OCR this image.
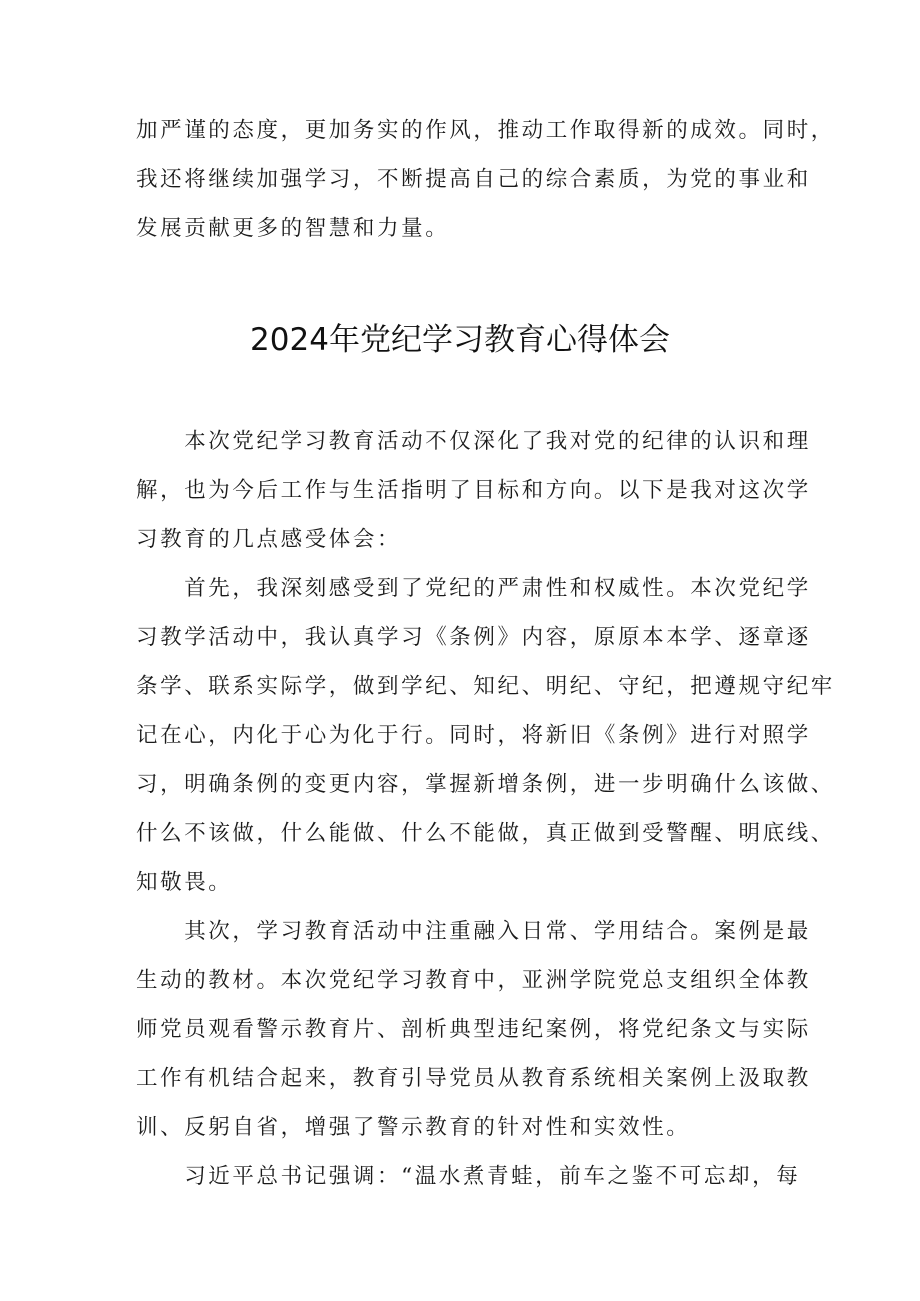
加严谨的态度，更加务实的作风，推动工作取得新的成效。同时，
我还将继续加强学习，不断提高自己的综合素质，为党的事业和
发展贡献更多的智慧和力量。
2024年党纪学习教育心得体会
　　本次党纪学习教育活动不仅深化了我对党的纪律的认识和理
解，也为今后工作与生活指明了目标和方向。以下是我对这次学
习教育的几点感受体会：
　　首先，我深刻感受到了党纪的严肃性和权威性。本次党纪学
习教学活动中，我认真学习《条例》内容，原原本本学、逐章逐
条学、联系实际学，做到学纪、知纪、明纪、守纪，把遵规守纪牢
记在心，内化于心为化于行。同时，将新旧《条例》进行对照学
习，明确条例的变更内容，掌握新增条例，进一步明确什么该做、
什么不该做，什么能做、什么不能做，真正做到受警醒、明底线、
知敬畏。
　　其次，学习教育活动中注重融入日常、学用结合。案例是最
生动的教材。本次党纪学习教育中，亚洲学院党总支组织全体教
师党员观看警示教育片、剖析典型违纪案例，将党纪条文与实际
工作有机结合起来，教育引导党员从教育系统相关案例上汲取教
训、反躬自省，增强了警示教育的针对性和实效性。
　　习近平总书记强调：“温水煮青蛙，前车之鉴不可忘却，每
